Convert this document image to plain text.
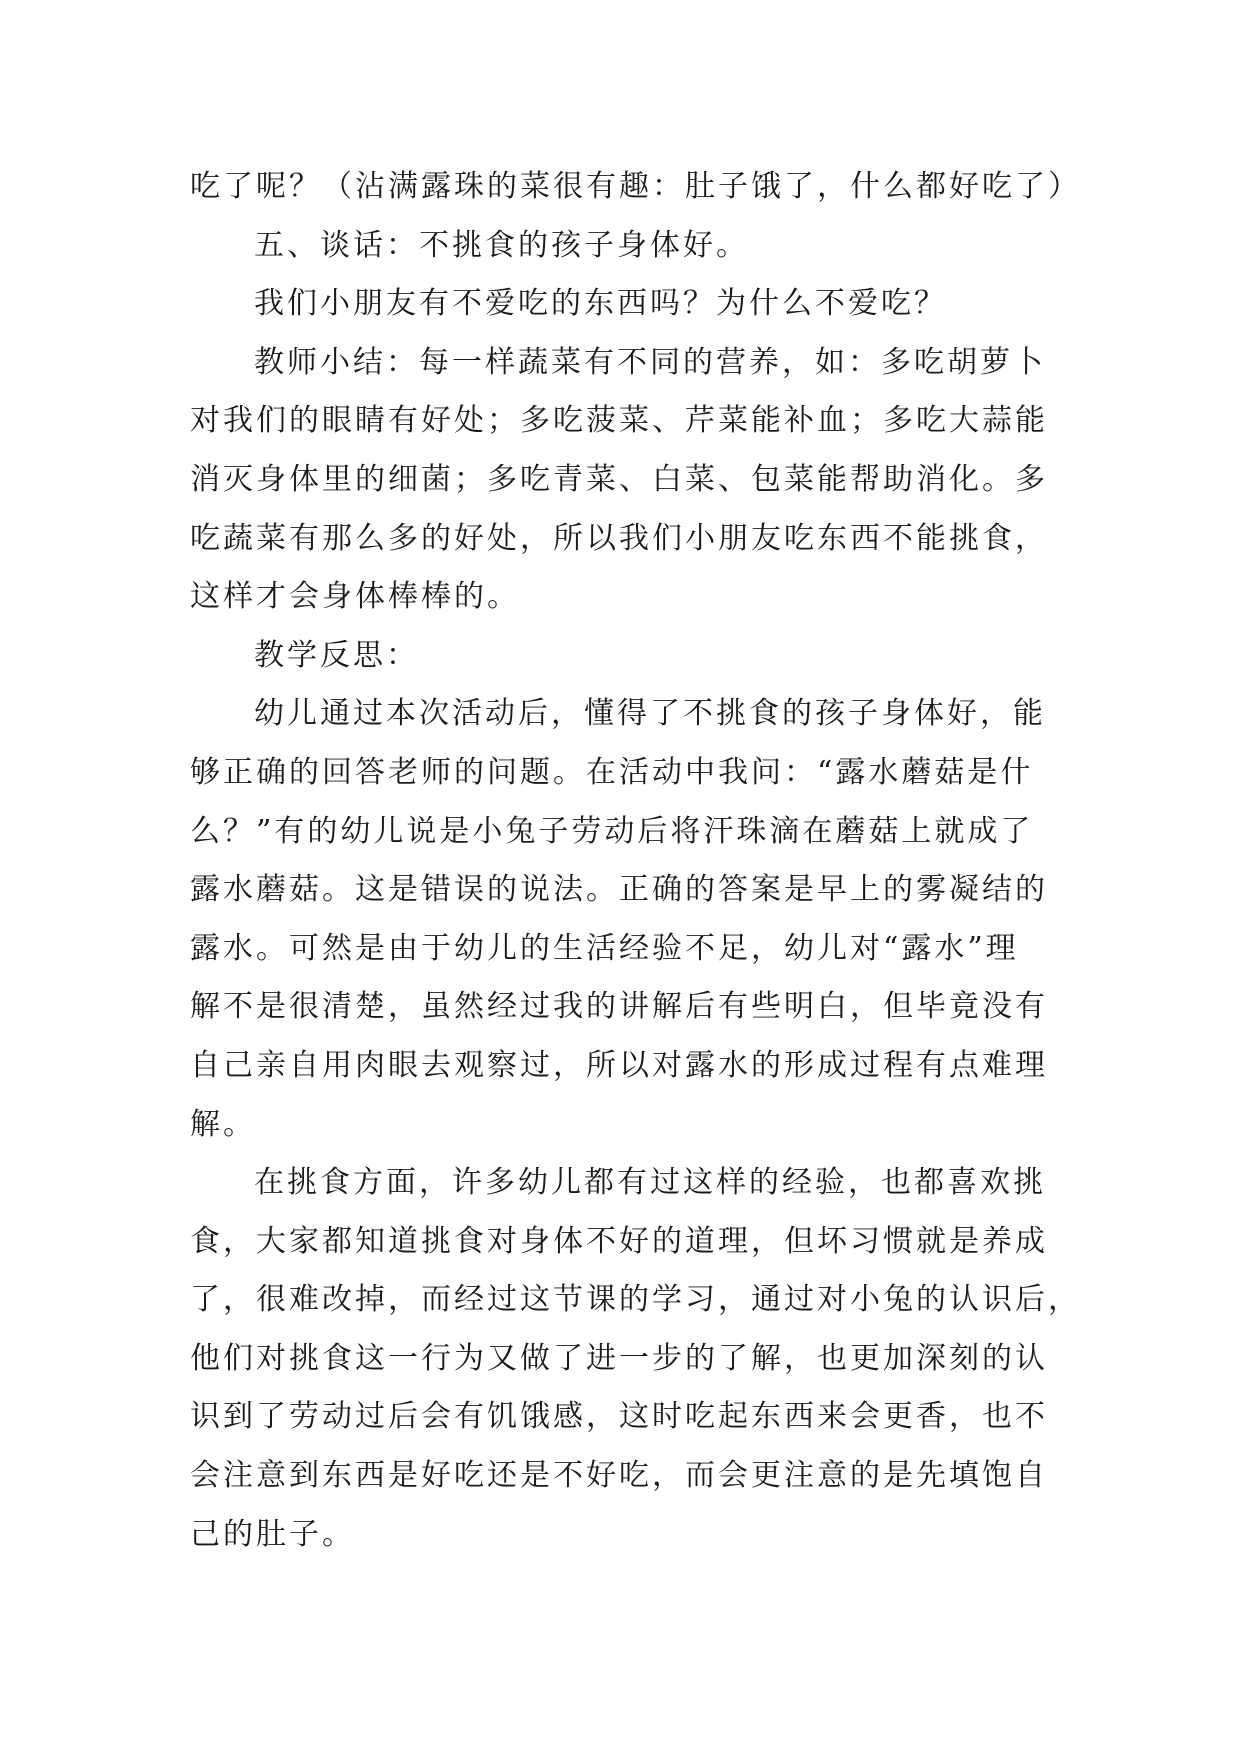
吃了呢？（沾满露珠的菜很有趣：肚子饿了，什么都好吃了）
五、谈话：不挑食的孩子身体好。
我们小朋友有不爱吃的东西吗？为什么不爱吃？
教师小结：每一样蔬菜有不同的营养，如：多吃胡萝卜
对我们的眼睛有好处；多吃菠菜、芹菜能补血；多吃大蒜能
消灭身体里的细菌；多吃青菜、白菜、包菜能帮助消化。多
吃蔬菜有那么多的好处，所以我们小朋友吃东西不能挑食，
这样才会身体棒棒的。
教学反思：
幼儿通过本次活动后，懂得了不挑食的孩子身体好，能
够正确的回答老师的问题。在活动中我问：“露水蘑菇是什
么？”有的幼儿说是小兔子劳动后将汗珠滴在蘑菇上就成了
露水蘑菇。这是错误的说法。正确的答案是早上的雾凝结的
露水。可然是由于幼儿的生活经验不足，幼儿对“露水”理
解不是很清楚，虽然经过我的讲解后有些明白，但毕竟没有
自己亲自用肉眼去观察过，所以对露水的形成过程有点难理
解。
在挑食方面，许多幼儿都有过这样的经验，也都喜欢挑
食，大家都知道挑食对身体不好的道理，但坏习惯就是养成
了，很难改掉，而经过这节课的学习，通过对小兔的认识后，
他们对挑食这一行为又做了进一步的了解，也更加深刻的认
识到了劳动过后会有饥饿感，这时吃起东西来会更香，也不
会注意到东西是好吃还是不好吃，而会更注意的是先填饱自
己的肚子。
